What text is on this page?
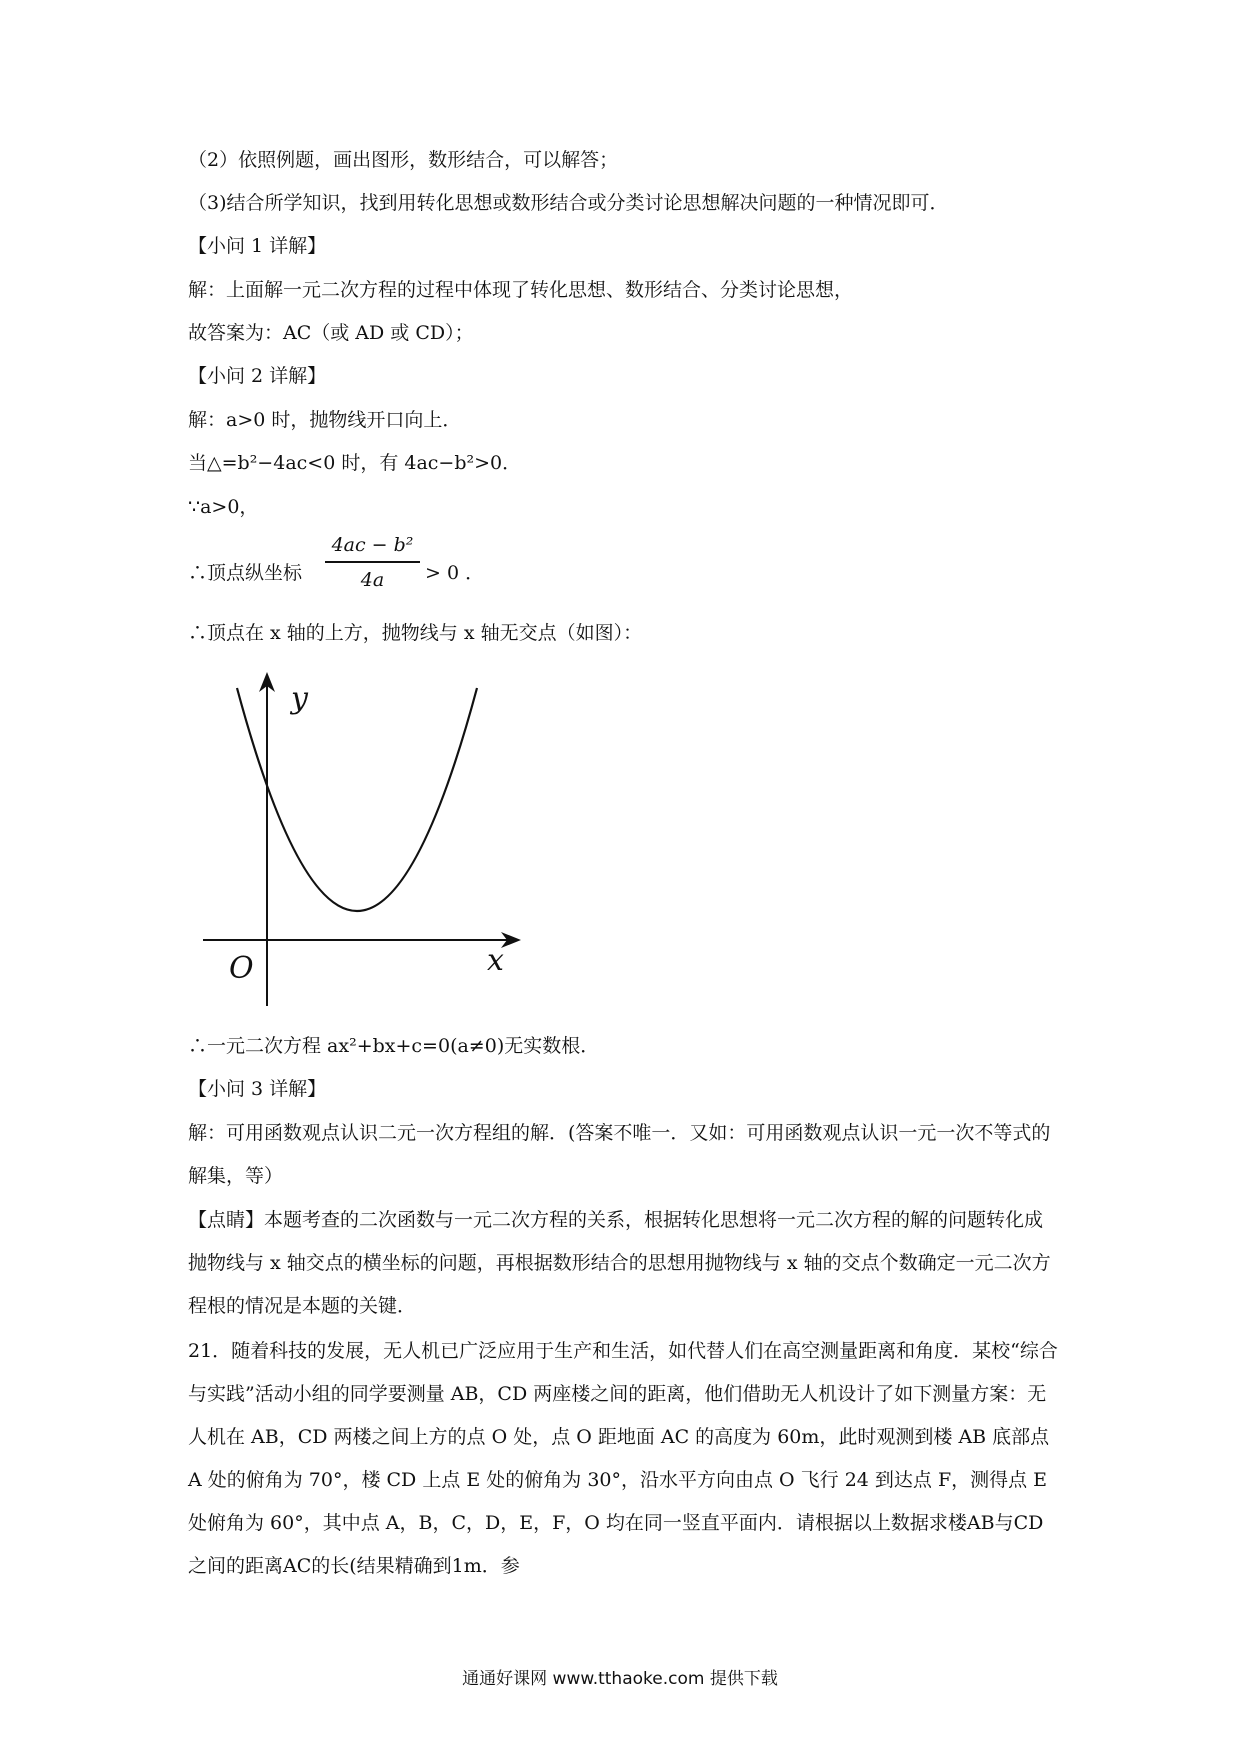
（2）依照例题，画出图形，数形结合，可以解答；
（3)结合所学知识，找到用转化思想或数形结合或分类讨论思想解决问题的一种情况即可．
【小问 1 详解】
解：上面解一元二次方程的过程中体现了转化思想、数形结合、分类讨论思想，
故答案为：AC（或 AD 或 CD）；
【小问 2 详解】
解：a>0 时，抛物线开口向上．
当△=b²−4ac<0 时，有 4ac−b²>0．
∵a>0，
∴顶点纵坐标
4ac − b²
4a	> 0 ．
∴顶点在 x 轴的上方，抛物线与 x 轴无交点（如图）：
y
x
O
∴一元二次方程 ax²+bx+c=0(a≠0)无实数根．
【小问 3 详解】
解：可用函数观点认识二元一次方程组的解．(答案不唯一．又如：可用函数观点认识一元一次不等式的解集，等）
【点睛】本题考查的二次函数与一元二次方程的关系，根据转化思想将一元二次方程的解的问题转化成抛物线与 x 轴交点的横坐标的问题，再根据数形结合的思想用抛物线与 x 轴的交点个数确定一元二次方程根的情况是本题的关键．
21．随着科技的发展，无人机已广泛应用于生产和生活，如代替人们在高空测量距离和角度．某校“综合与实践”活动小组的同学要测量 AB，CD 两座楼之间的距离，他们借助无人机设计了如下测量方案：无人机在 AB，CD 两楼之间上方的点 O 处，点 O 距地面 AC 的高度为 60m，此时观测到楼 AB 底部点 A 处的俯角为 70°，楼 CD 上点 E 处的俯角为 30°，沿水平方向由点 O 飞行 24 到达点 F，测得点 E 处俯角为 60°，其中点 A，B，C，D，E，F，O 均在同一竖直平面内．请根据以上数据求楼AB与CD之间的距离AC的长(结果精确到1m．参
通通好课网 www.tthaoke.com 提供下载
